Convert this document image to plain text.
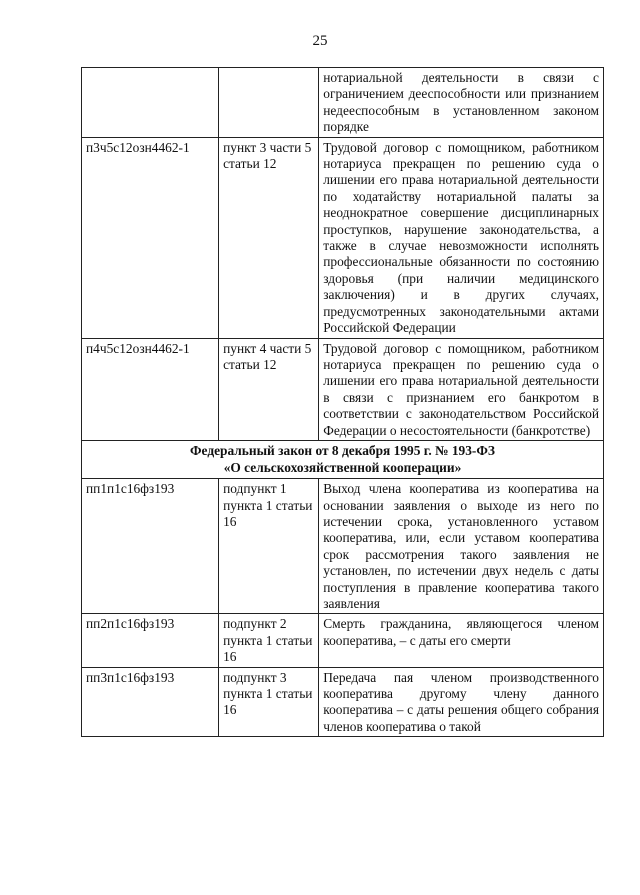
25
		нотариальной деятельности в связи с ограничением дееспособности или признанием недееспособным в установленном законом порядке
п3ч5с12озн4462-1	пункт 3 части 5 статьи 12	Трудовой договор с помощником, работником нотариуса прекращен по решению суда о лишении его права нотариальной деятельности по ходатайству нотариальной палаты за неоднократное совершение дисциплинарных проступков, нарушение законодательства, а также в случае невозможности исполнять профессиональные обязанности по состоянию здоровья (при наличии медицинского заключения) и в других случаях, предусмотренных законодательными актами Российской Федерации
п4ч5с12озн4462-1	пункт 4 части 5 статьи 12	Трудовой договор с помощником, работником нотариуса прекращен по решению суда о лишении его права нотариальной деятельности в связи с признанием его банкротом в соответствии с законодательством Российской Федерации о несостоятельности (банкротстве)

Федеральный закон от 8 декабря 1995 г. № 193-ФЗ
«О сельскохозяйственной кооперации»		

пп1п1с16фз193	подпункт 1 пункта 1 статьи 16	Выход члена кооператива из кооператива на основании заявления о выходе из него по истечении срока, установленного уставом кооператива, или, если уставом кооператива срок рассмотрения такого заявления не установлен, по истечении двух недель с даты поступления в правление кооператива такого заявления
пп2п1с16фз193	подпункт 2 пункта 1 статьи 16	Смерть гражданина, являющегося членом кооператива, – с даты его смерти
пп3п1с16фз193	подпункт 3 пункта 1 статьи 16	Передача пая членом производственного кооператива другому члену данного кооператива – с даты решения общего собрания членов кооператива о такой
